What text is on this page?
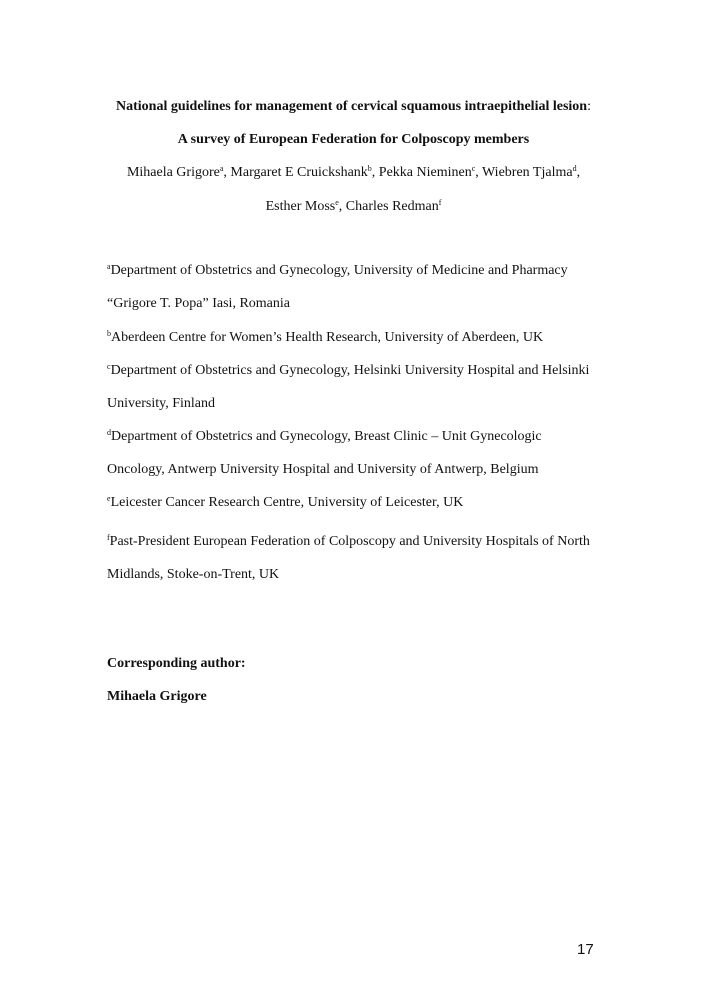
National guidelines for management of cervical squamous intraepithelial lesion:
A survey of European Federation for Colposcopy members
Mihaela Grigore$^a$, Margaret E Cruickshank$^b$, Pekka Nieminen$^c$, Wiebren Tjalma$^d$,
Esther Moss$^e$, Charles Redman$^f$
$^a$Department of Obstetrics and Gynecology, University of Medicine and Pharmacy
“Grigore T. Popa” Iasi, Romania
$^b$Aberdeen Centre for Women’s Health Research, University of Aberdeen, UK
$^c$Department of Obstetrics and Gynecology, Helsinki University Hospital and Helsinki
University, Finland
$^d$Department of Obstetrics and Gynecology, Breast Clinic – Unit Gynecologic
Oncology, Antwerp University Hospital and University of Antwerp, Belgium
$^e$Leicester Cancer Research Centre, University of Leicester, UK
$^f$Past-President European Federation of Colposcopy and University Hospitals of North
Midlands, Stoke-on-Trent, UK
Corresponding author:
Mihaela Grigore
17
